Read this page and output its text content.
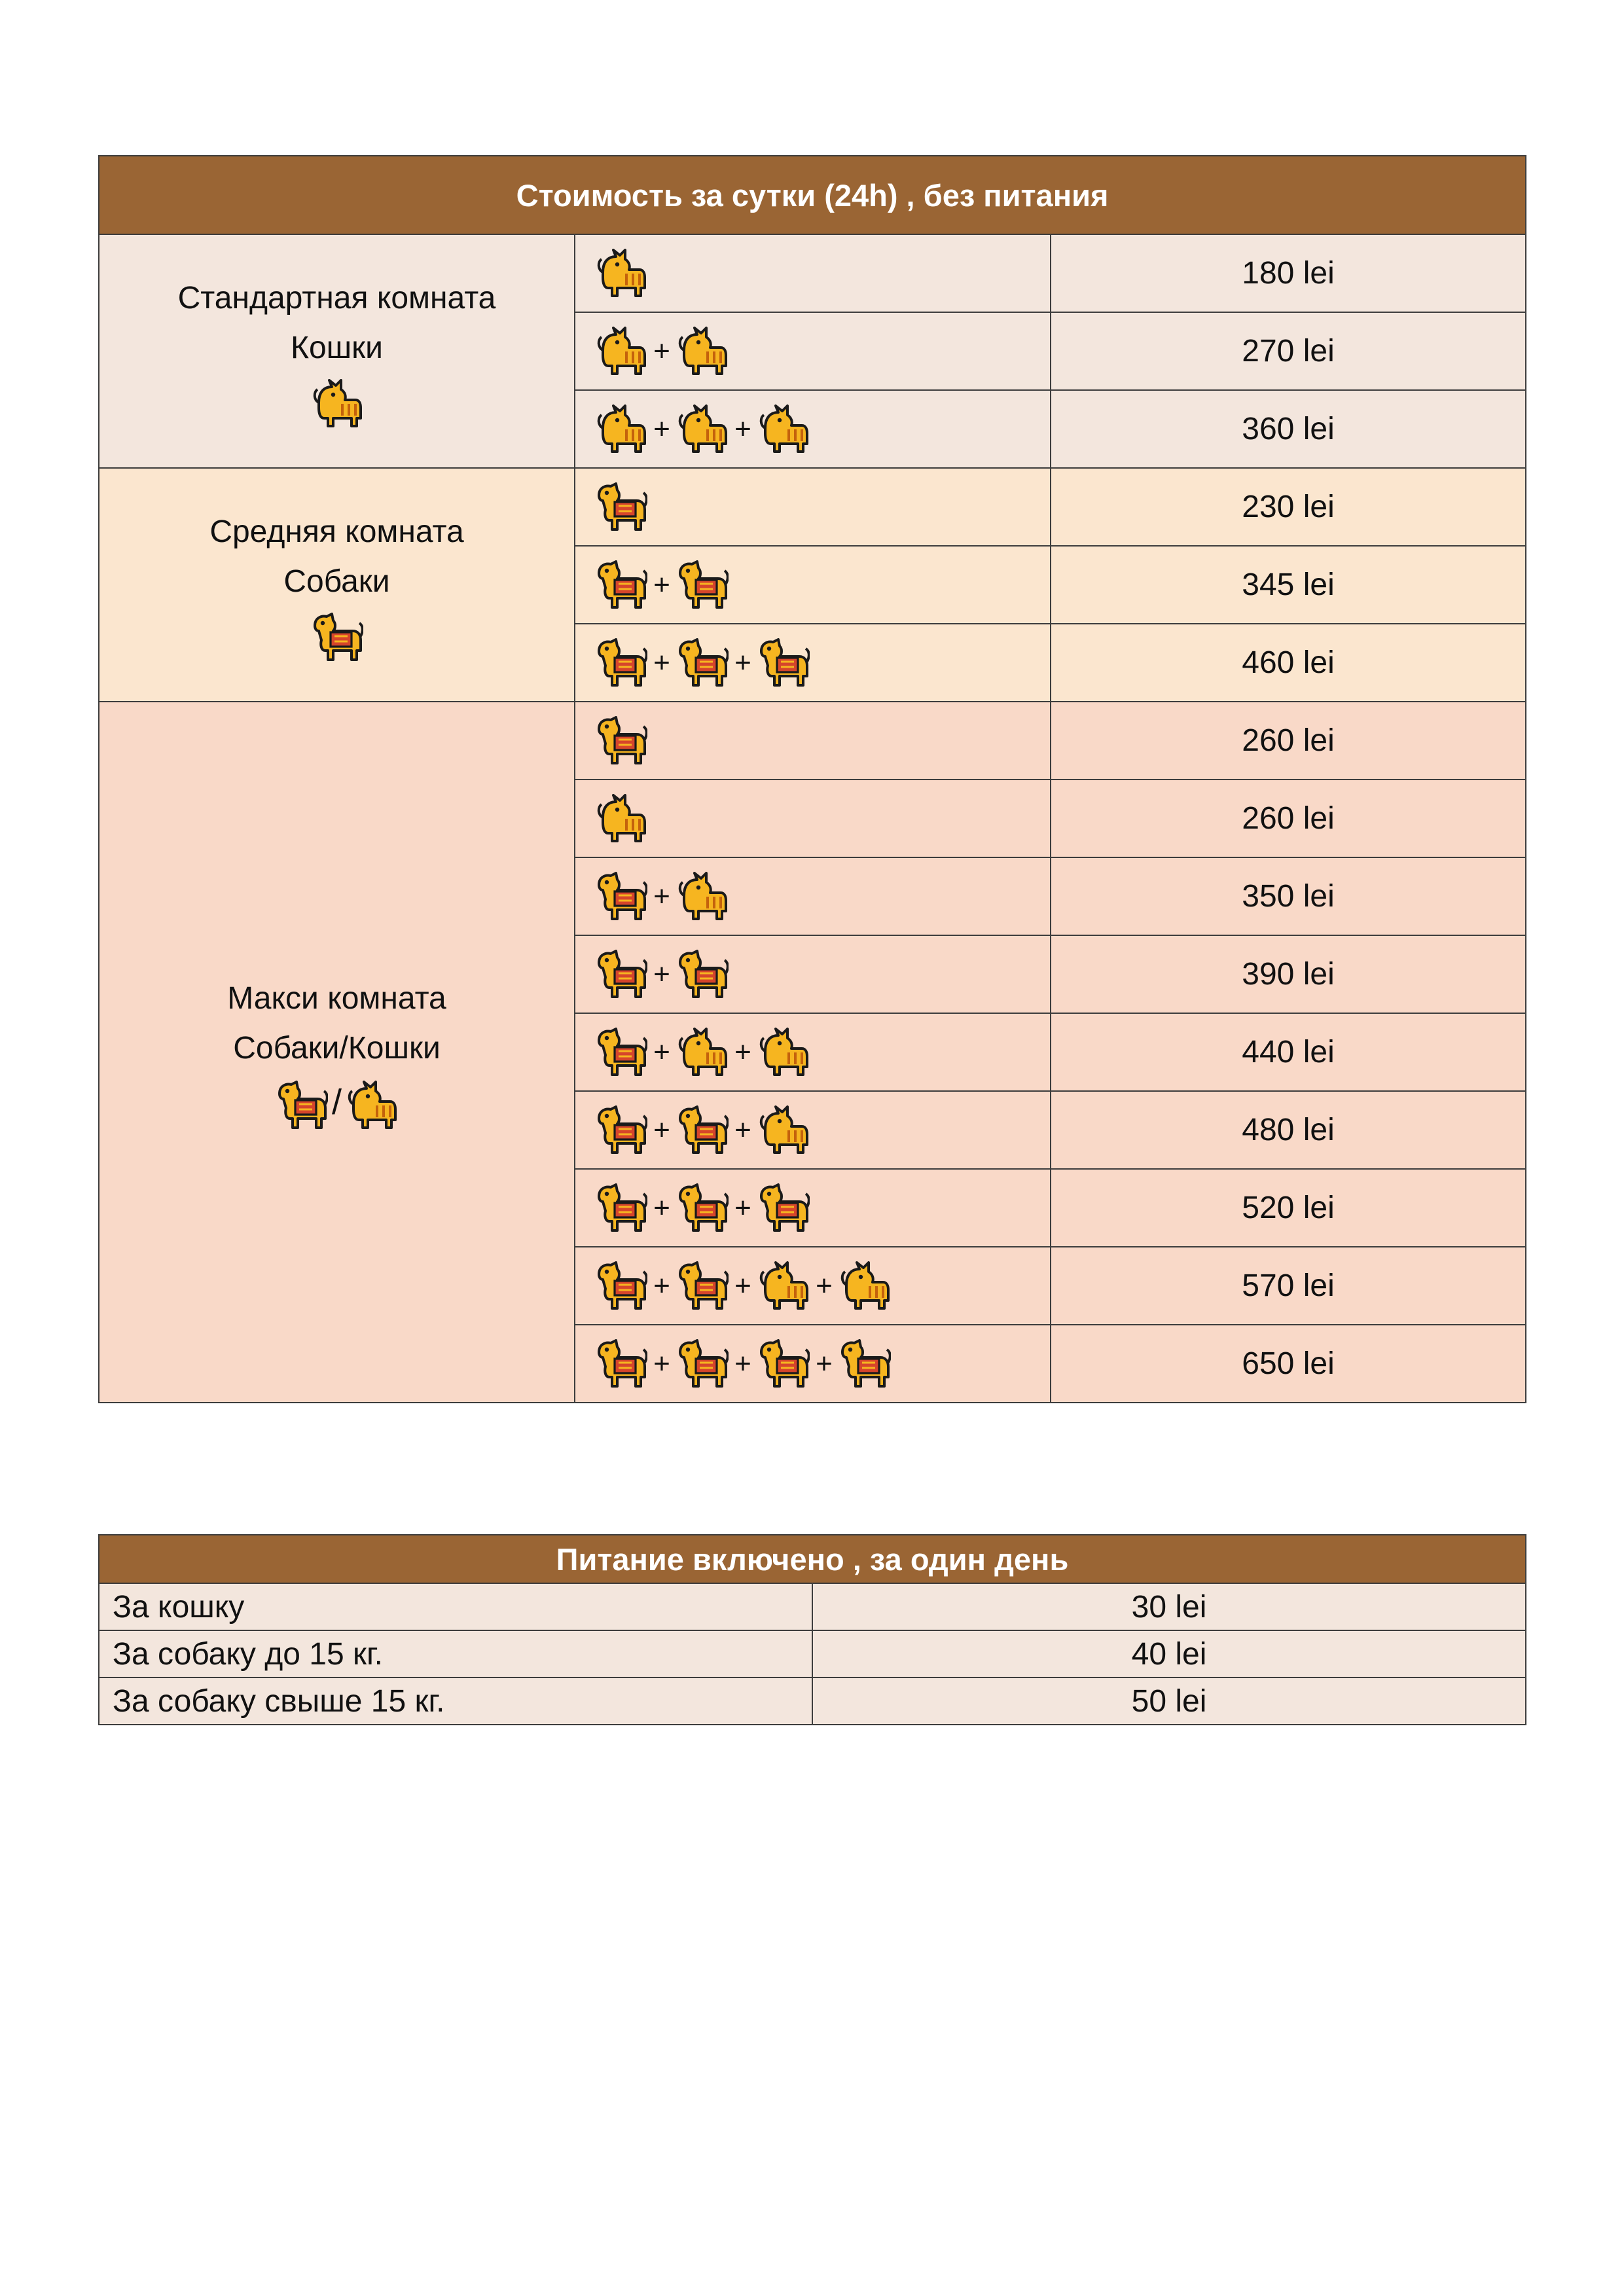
Стоимость за сутки (24h) , без питания		

Стандартная комната
Кошки		180 lei

	+	270 lei

	+ +	360 lei

Средняя комната
Собаки		230 lei

	+	345 lei

	+ +	460 lei

Макси комната
Собаки/Кошки
/		260 lei

	260 lei

	+	350 lei

	+	390 lei

	+ +	440 lei

	+ +	480 lei

	+ +	520 lei

	+ + +	570 lei

	+ + +	650 lei
Питание включено , за один день	
За кошку	30 lei
За собаку до 15 кг.	40 lei
За собаку свыше 15 кг.	50 lei
